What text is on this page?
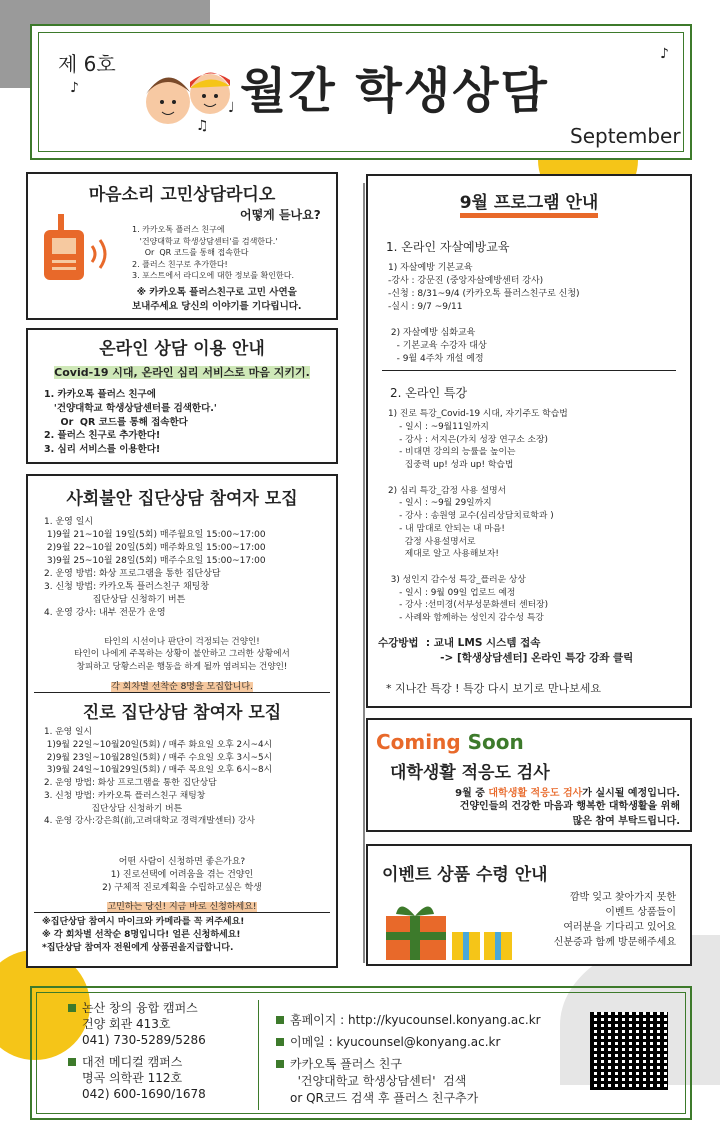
제 6호
♪
♩
♪
♫
월간 학생상담
September
마음소리 고민상담라디오
어떻게 듣나요?
1. 카카오톡 플러스 친구에
'건양대학교 학생상담센터'를 검색한다.'
Or  QR 코드를 통해 접속한다
2. 플러스 친구로 추가한다!
3. 포스트에서 라디오에 대한 정보를 확인한다.
※ 카카오톡 플러스친구로 고민 사연을
보내주세요 당신의 이야기를 기다립니다.
온라인 상담 이용 안내
Covid-19 시대, 온라인 심리 서비스로 마음 지키기.
1. 카카오톡 플러스 친구에
'건양대학교 학생상담센터를 검색한다.'
Or  QR 코드를 통해 접속한다
2. 플러스 친구로 추가한다!
3. 심리 서비스를 이용한다!
사회불안 집단상담 참여자 모집
1. 운영 일시
1)9월 21~10월 19일(5회) 매주월요일 15:00~17:00
2)9월 22~10월 20일(5회) 매주화요일 15:00~17:00
3)9월 25~10월 28일(5회) 매주수요일 15:00~17:00
2. 운영 방법: 화상 프로그램을 통한 집단상담
3. 신청 방법: 카카오톡 플러스친구 채팅창
집단상담 신청하기 버튼
4. 운영 강사: 내부 전문가 운영
타인의 시선이나 판단이 걱정되는 건양인!
타인이 나에게 주목하는 상황이 불안하고 그러한 상황에서
창피하고 당황스러운 행동을 하게 될까 염려되는 건양인!
각 회차별 선착순 8명을 모집합니다.
진로 집단상담 참여자 모집
1. 운영 일시
1)9월 22일~10월20일(5회) / 매주 화요일 오후 2시~4시
2)9월 23일~10월28일(5회) / 매주 수요일 오후 3시~5시
3)9월 24일~10월29일(5회) / 매주 목요일 오후 6시~8시
2. 운영 방법: 화상 프로그램을 통한 집단상담
3. 신청 방법: 카카오톡 플러스친구 채팅창
집단상담 신청하기 버튼
4. 운영 강사:강은희(前,고려대학교 경력개발센터) 강사
어떤 사람이 신청하면 좋은가요?
1) 진로선택에 어려움을 겪는 건양인
2) 구체적 진로계획을 수립하고싶은 학생
고민하는 당신! 지금 바로 신청하세요!
※집단상담 참여시 마이크와 카메라를 꼭 켜주세요!
※ 각 회차별 선착순 8명입니다! 얼른 신청하세요!
*집단상담 참여자 전원에게 상품권을지급합니다.
9월 프로그램 안내
1. 온라인 자살예방교육
1) 자살예방 기본교육
-강사 : 강문진 (중앙자살예방센터 강사)
-신청 : 8/31~9/4 (카카오톡 플러스친구로 신청)
-실시 : 9/7 ~9/11

2) 자살예방 심화교육
- 기본교육 수강자 대상
- 9월 4주차 개설 예정
2. 온라인 특강
1) 진로 특강_Covid-19 시대, 자기주도 학습법
- 일시 : ~9월11일까지
- 강사 : 서지은(가치 성장 연구소 소장)
- 비대면 강의의 능률을 높이는
집중력 up! 성과 up! 학습법

2) 심리 특강_감정 사용 설명서
- 일시 : ~9월 29일까지
- 강사 : 송원영 교수(심리상담치료학과 )
- 내 맘대로 안되는 내 마음!
감정 사용설명서로
제대로 알고 사용해보자!

3) 성인지 감수성 특강_플러운 상상
- 일시 : 9월 09일 업로드 예정
- 강사 :선미경(서부성문화센터 센터장)
- 사례와 함께하는 성인지 감수성 특강
수강방법  : 교내 LMS 시스템 접속
-> [학생상담센터] 온라인 특강 강좌 클릭
* 지나간 특강 ! 특강 다시 보기로 만나보세요
Coming Soon
대학생활 적응도 검사
9월 중 대학생활 적응도 검사가 실시될 예정입니다.
건양인들의 건강한 마음과 행복한 대학생활을 위해
많은 참여 부탁드립니다.
이벤트 상품 수령 안내
깜박 잊고 찾아가지 못한
이벤트 상품들이
여러분을 기다리고 있어요
신분증과 함께 방문해주세요
논산 창의 융합 캠퍼스
건양 회관 413호
041) 730-5289/5286
대전 메디컬 캠퍼스
명곡 의학관 112호
042) 600-1690/1678
홈페이지 : http://kyucounsel.konyang.ac.kr
이메일 : kyucounsel@konyang.ac.kr
카카오톡 플러스 친구
'건양대학교 학생상담센터'  검색
or QR코드 검색 후 플러스 친구추가
